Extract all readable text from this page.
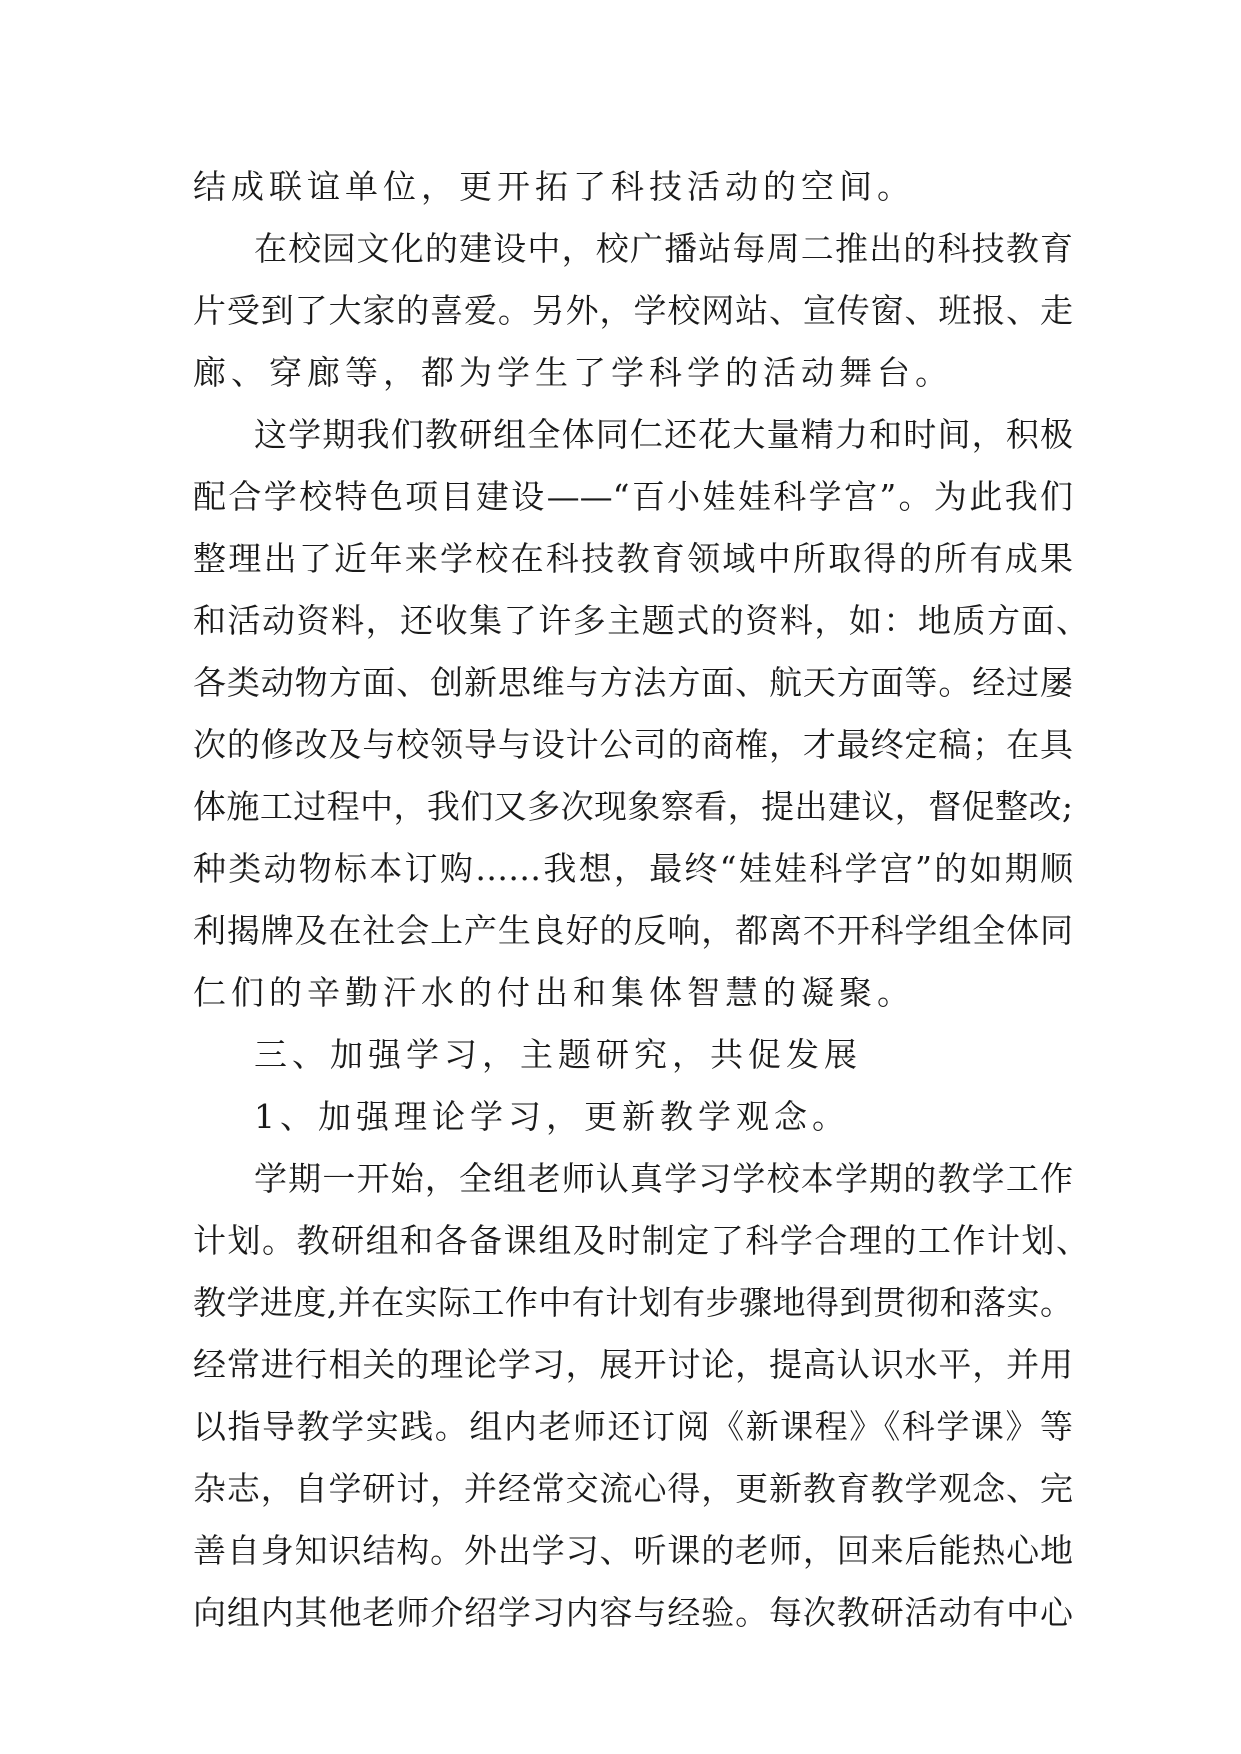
结成联谊单位，更开拓了科技活动的空间。
在校园文化的建设中，校广播站每周二推出的科技教育
片受到了大家的喜爱。另外，学校网站、宣传窗、班报、走
廊、穿廊等，都为学生了学科学的活动舞台。
这学期我们教研组全体同仁还花大量精力和时间，积极
配合学校特色项目建设——“百小娃娃科学宫”。为此我们
整理出了近年来学校在科技教育领域中所取得的所有成果
和活动资料，还收集了许多主题式的资料，如：地质方面、
各类动物方面、创新思维与方法方面、航天方面等。经过屡
次的修改及与校领导与设计公司的商榷，才最终定稿；在具
体施工过程中，我们又多次现象察看，提出建议，督促整改;
种类动物标本订购……我想，最终“娃娃科学宫”的如期顺
利揭牌及在社会上产生良好的反响，都离不开科学组全体同
仁们的辛勤汗水的付出和集体智慧的凝聚。
三、加强学习，主题研究，共促发展
1、加强理论学习，更新教学观念。
学期一开始，全组老师认真学习学校本学期的教学工作
计划。教研组和各备课组及时制定了科学合理的工作计划、
教学进度,并在实际工作中有计划有步骤地得到贯彻和落实。
经常进行相关的理论学习，展开讨论，提高认识水平，并用
以指导教学实践。组内老师还订阅《新课程》《科学课》等
杂志，自学研讨，并经常交流心得，更新教育教学观念、完
善自身知识结构。外出学习、听课的老师，回来后能热心地
向组内其他老师介绍学习内容与经验。每次教研活动有中心
